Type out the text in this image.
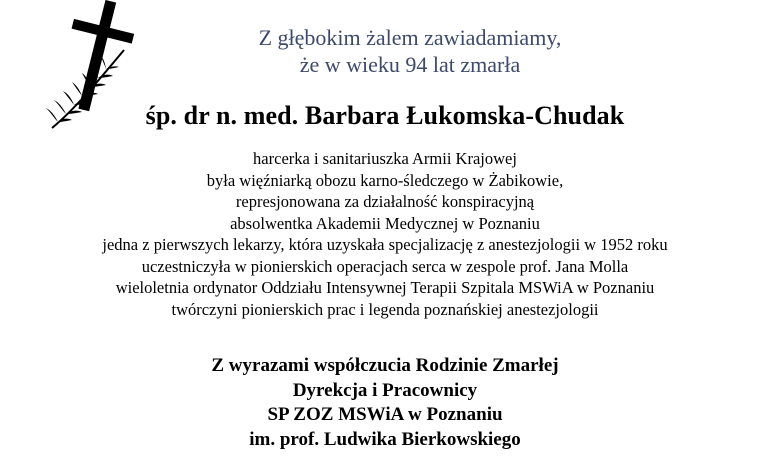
Z głębokim żalem zawiadamiamy,
że w wieku 94 lat zmarła
śp. dr n. med. Barbara Łukomska-Chudak
harcerka i sanitariuszka Armii Krajowej
była więźniarką obozu karno-śledczego w Żabikowie,
represjonowana za działalność konspiracyjną
absolwentka Akademii Medycznej w Poznaniu
jedna z pierwszych lekarzy, która uzyskała specjalizację z anestezjologii w 1952 roku
uczestniczyła w pionierskich operacjach serca w zespole prof. Jana Molla
wieloletnia ordynator Oddziału Intensywnej Terapii Szpitala MSWiA w Poznaniu
twórczyni pionierskich prac i legenda poznańskiej anestezjologii
Z wyrazami współczucia Rodzinie Zmarłej
Dyrekcja i Pracownicy
SP ZOZ MSWiA w Poznaniu
im. prof. Ludwika Bierkowskiego
